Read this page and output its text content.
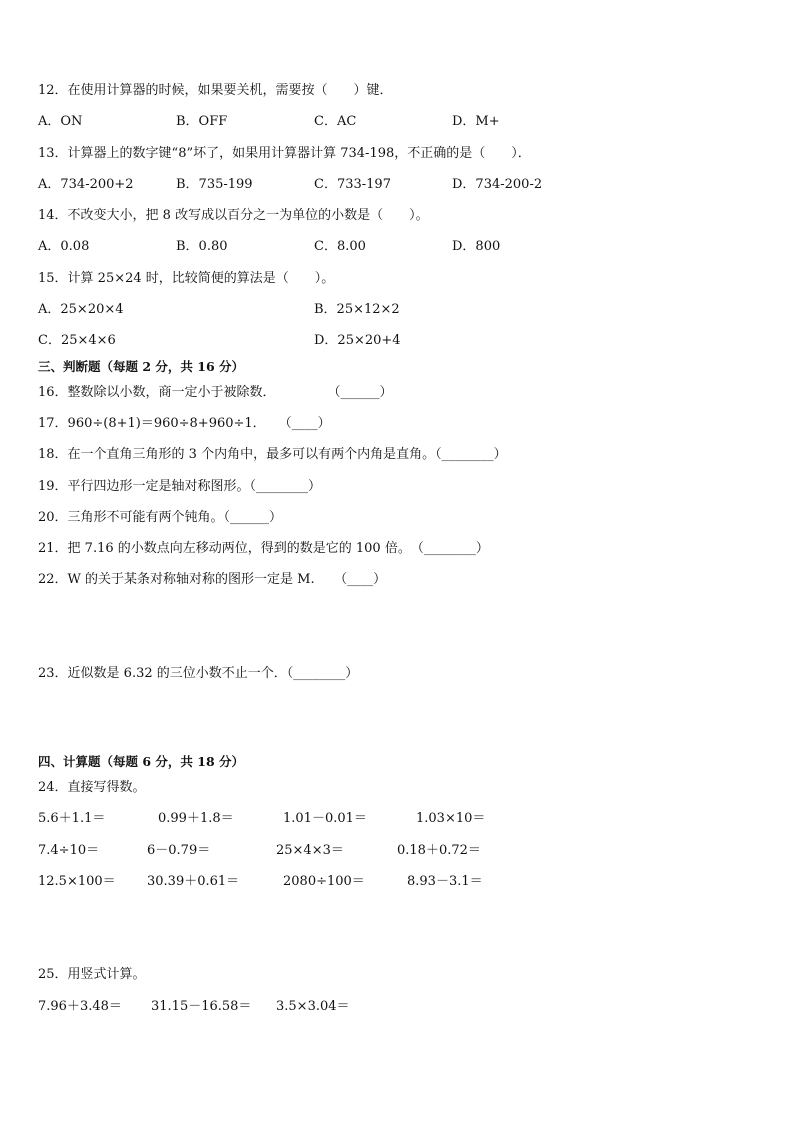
12．在使用计算器的时候，如果要关机，需要按（　　）键．
A．ON	B．OFF	C．AC	D．M+
13．计算器上的数字键“8”坏了，如果用计算器计算 734-198，不正确的是（　　）．
A．734-200+2	B．735-199	C．733-197	D．734-200-2
14．不改变大小，把 8 改写成以百分之一为单位的小数是（　　）。
A．0.08	B．0.80	C．8.00	D．800
15．计算 25×24 时，比较简便的算法是（　　）。
A．25×20×4	B．25×12×2
C．25×4×6	D．25×20+4
三、判断题（每题 2 分，共 16 分）
16．整数除以小数，商一定小于被除数．　　　　　（______）
17．960÷(8+1)＝960÷8+960÷1．　　（____）
18．在一个直角三角形的 3 个内角中，最多可以有两个内角是直角。（________）
19．平行四边形一定是轴对称图形。（________）
20．三角形不可能有两个钝角。（______）
21．把 7.16 的小数点向左移动两位，得到的数是它的 100 倍。　（________）
22．W 的关于某条对称轴对称的图形一定是 M.　　（____）
23．近似数是 6.32 的三位小数不止一个．（________）
四、计算题（每题 6 分，共 18 分）
24．直接写得数。
5.6＋1.1＝	0.99＋1.8＝	1.01－0.01＝	1.03×10＝
7.4÷10＝	6－0.79＝	25×4×3＝	0.18＋0.72＝
12.5×100＝ 30.39＋0.61＝	2080÷100＝	8.93－3.1＝
25．用竖式计算。
7.96＋3.48＝ 31.15－16.58＝ 3.5×3.04＝
